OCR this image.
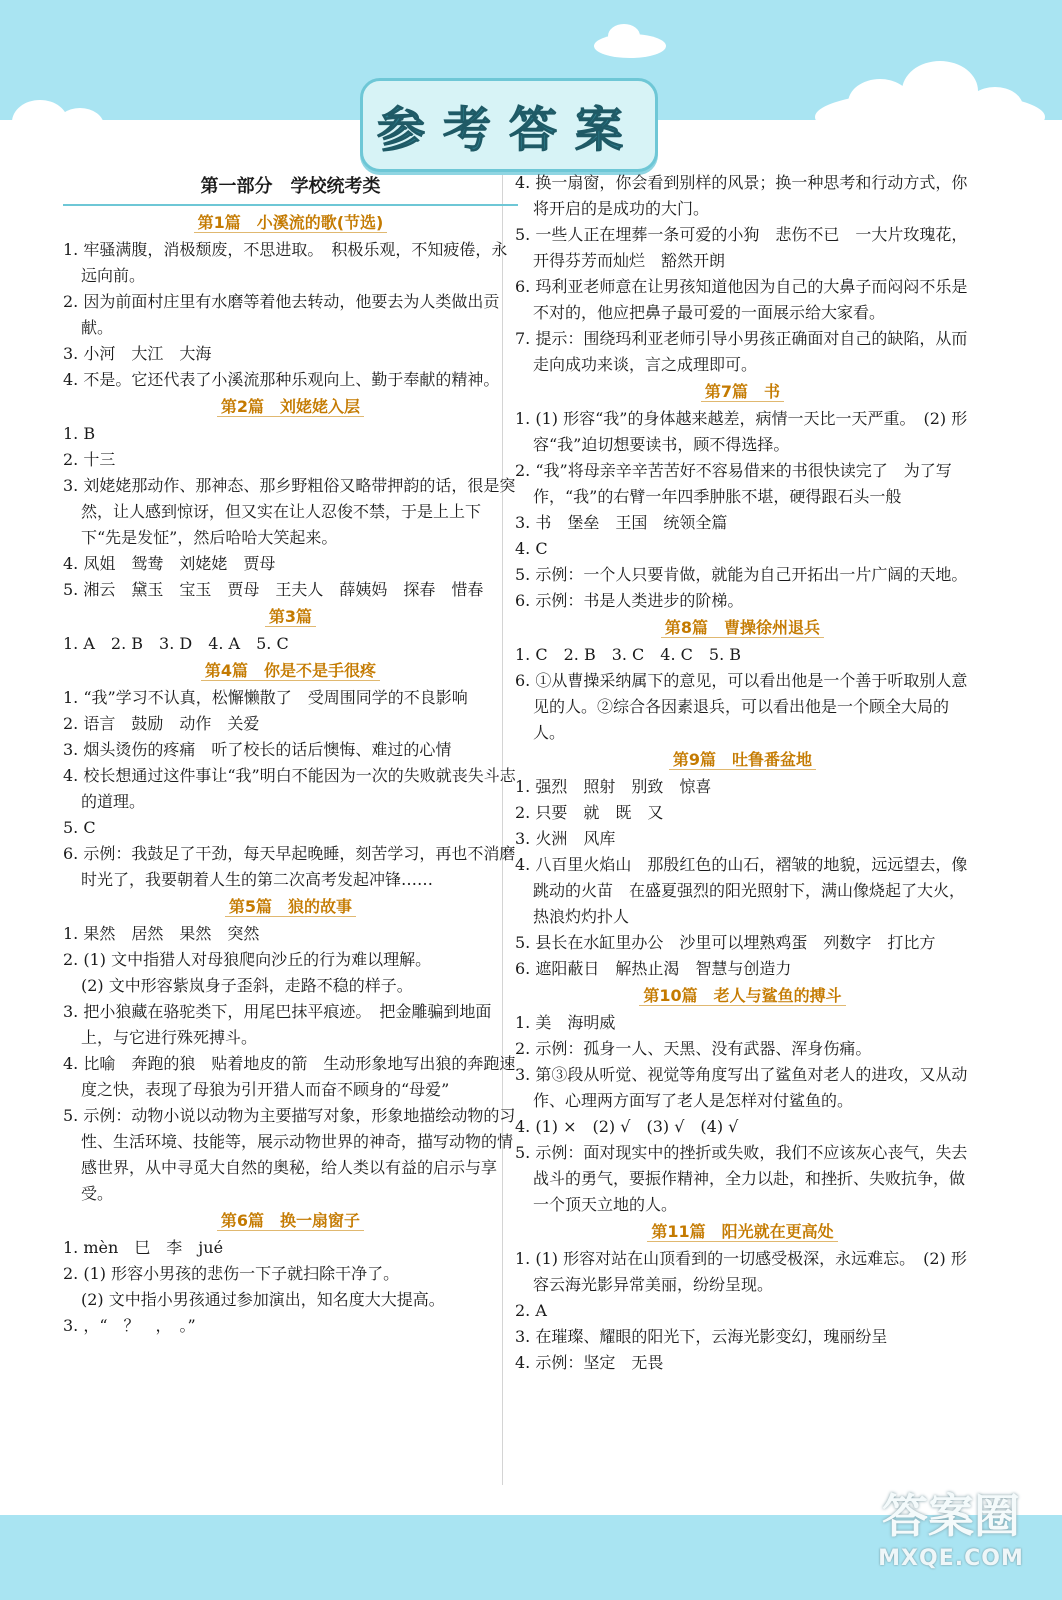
参考答案
第一部分　学校统考类
第1篇　小溪流的歌(节选)

1. 牢骚满腹，消极颓废，不思进取。　积极乐观，不知疲倦，永远向前。

2. 因为前面村庄里有水磨等着他去转动，他要去为人类做出贡献。

3. 小河　大江　大海

4. 不是。它还代表了小溪流那种乐观向上、勤于奉献的精神。

第2篇　刘姥姥入层

1. B

2. 十三

3. 刘姥姥那动作、那神态、那乡野粗俗又略带押韵的话，很是突然，让人感到惊讶，但又实在让人忍俊不禁，于是上上下下“先是发怔”，然后哈哈大笑起来。

4. 凤姐　鸳鸯　刘姥姥　贾母

5. 湘云　黛玉　宝玉　贾母　王夫人　薛姨妈　探春　惜春

第3篇

1. A　2. B　3. D　4. A　5. C

第4篇　你是不是手很疼

1. “我”学习不认真，松懈懒散了　受周围同学的不良影响

2. 语言　鼓励　动作　关爱

3. 烟头烫伤的疼痛　听了校长的话后懊悔、难过的心情

4. 校长想通过这件事让“我”明白不能因为一次的失败就丧失斗志的道理。

5. C

6. 示例：我鼓足了干劲，每天早起晚睡，刻苦学习，再也不消磨时光了，我要朝着人生的第二次高考发起冲锋……

第5篇　狼的故事

1. 果然　居然　果然　突然

2. (1) 文中指猎人对母狼爬向沙丘的行为难以理解。

(2) 文中形容紫岚身子歪斜，走路不稳的样子。

3. 把小狼藏在骆驼类下，用尾巴抹平痕迹。　把金雕骗到地面上，与它进行殊死搏斗。

4. 比喻　奔跑的狼　贴着地皮的箭　生动形象地写出狼的奔跑速度之快，表现了母狼为引开猎人而奋不顾身的“母爱”

5. 示例：动物小说以动物为主要描写对象，形象地描绘动物的习性、生活环境、技能等，展示动物世界的神奇，描写动物的情感世界，从中寻觅大自然的奥秘，给人类以有益的启示与享受。

第6篇　换一扇窗子

1. mèn　巳　李　jué

2. (1) 形容小男孩的悲伤一下子就扫除干净了。

(2) 文中指小男孩通过参加演出，知名度大大提高。

3. ，“　？　，　。”

4. 换一扇窗，你会看到别样的风景；换一种思考和行动方式，你将开启的是成功的大门。

5. 一些人正在埋葬一条可爱的小狗　悲伤不已　一大片玫瑰花，开得芬芳而灿烂　豁然开朗

6. 玛利亚老师意在让男孩知道他因为自己的大鼻子而闷闷不乐是不对的，他应把鼻子最可爱的一面展示给大家看。

7. 提示：围绕玛利亚老师引导小男孩正确面对自己的缺陷，从而走向成功来谈，言之成理即可。

第7篇　书

1. (1) 形容“我”的身体越来越差，病情一天比一天严重。　(2) 形容“我”迫切想要读书，顾不得选择。

2. “我”将母亲辛辛苦苦好不容易借来的书很快读完了　为了写作，“我”的右臂一年四季肿胀不堪，硬得跟石头一般

3. 书　堡垒　王国　统领全篇

4. C

5. 示例：一个人只要肯做，就能为自己开拓出一片广阔的天地。

6. 示例：书是人类进步的阶梯。

第8篇　曹操徐州退兵

1. C　2. B　3. C　4. C　5. B

6. ①从曹操采纳属下的意见，可以看出他是一个善于听取别人意见的人。②综合各因素退兵，可以看出他是一个顾全大局的人。

第9篇　吐鲁番盆地

1. 强烈　照射　别致　惊喜

2. 只要　就　既　又

3. 火洲　风库

4. 八百里火焰山　那殷红色的山石，褶皱的地貌，远远望去，像跳动的火苗　在盛夏强烈的阳光照射下，满山像烧起了大火，热浪灼灼扑人

5. 县长在水缸里办公　沙里可以埋熟鸡蛋　列数字　打比方

6. 遮阳蔽日　解热止渴　智慧与创造力

第10篇　老人与鲨鱼的搏斗

1. 美　海明威

2. 示例：孤身一人、天黑、没有武器、浑身伤痛。

3. 第③段从听觉、视觉等角度写出了鲨鱼对老人的进攻，又从动作、心理两方面写了老人是怎样对付鲨鱼的。

4. (1) ×　(2) √　(3) √　(4) √

5. 示例：面对现实中的挫折或失败，我们不应该灰心丧气，失去战斗的勇气，要振作精神，全力以赴，和挫折、失败抗争，做一个顶天立地的人。

第11篇　阳光就在更高处

1. (1) 形容对站在山顶看到的一切感受极深，永远难忘。　(2) 形容云海光影异常美丽，纷纷呈现。

2. A

3. 在璀璨、耀眼的阳光下，云海光影变幻，瑰丽纷呈

4. 示例：坚定　无畏

答案圈
MXQE.COM
